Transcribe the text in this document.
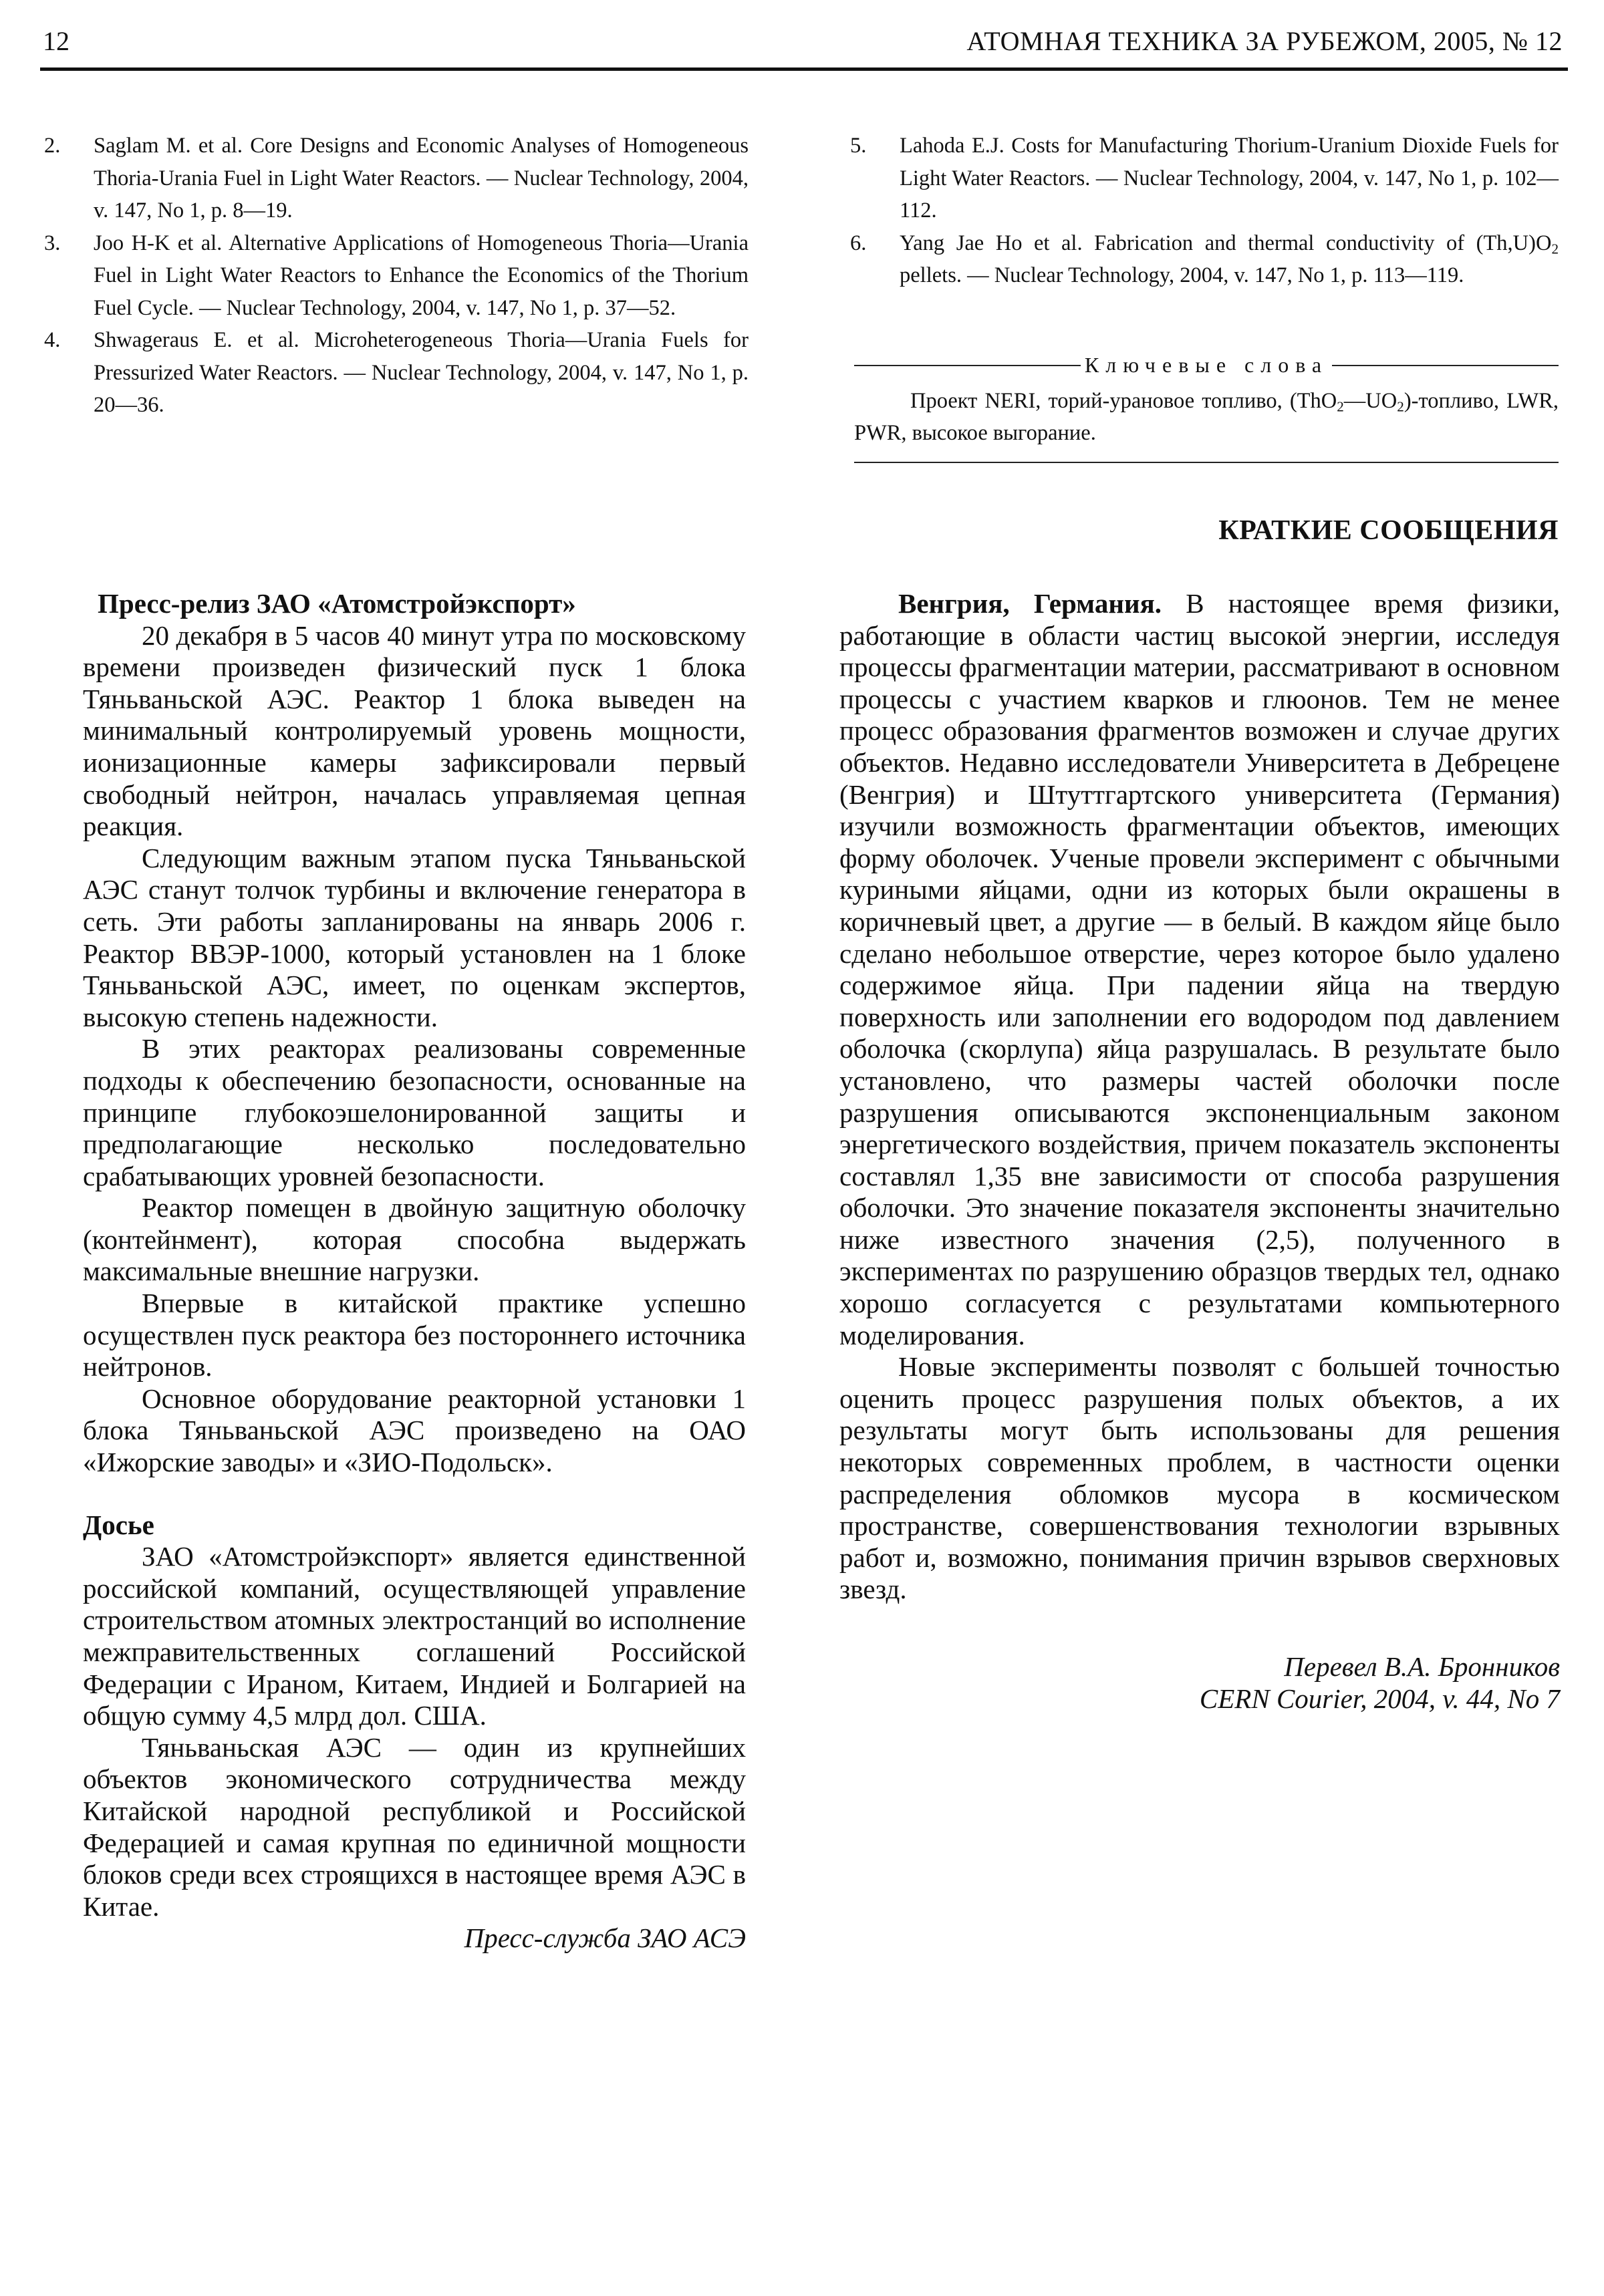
12	АТОМНАЯ ТЕХНИКА ЗА РУБЕЖОМ, 2005, № 12
2.	Saglam M. et al. Core Designs and Economic Analyses of Homogeneous Thoria-Urania Fuel in Light Water Reactors. — Nuclear Technology, 2004, v. 147, No 1, p. 8—19.
3.	Joo H-K et al. Alternative Applications of Homogeneous Thoria—Urania Fuel in Light Water Reactors to Enhance the Economics of the Thorium Fuel Cycle. — Nuclear Technology, 2004, v. 147, No 1, p. 37—52.
4.	Shwageraus E. et al. Microheterogeneous Thoria—Urania Fuels for Pressurized Water Reactors. — Nuclear Technology, 2004, v. 147, No 1, p. 20—36.
5.	Lahoda E.J. Costs for Manufacturing Thorium-Uranium Dioxide Fuels for Light Water Reactors. — Nuclear Technology, 2004, v. 147, No 1, p. 102—112.
6.	Yang Jae Ho et al. Fabrication and thermal conductivity of $(Th,U)O_2$ pellets. — Nuclear Technology, 2004, v. 147, No 1, p. 113—119.
Ключевые слова
Проект NERI, торий-урановое топливо, $(ThO_2—UO_2)$-топливо, LWR, PWR, высокое выгорание.
КРАТКИЕ СООБЩЕНИЯ
Пресс-релиз ЗАО «Атомстройэкспорт»

20 декабря в 5 часов 40 минут утра по московскому времени произведен физический пуск 1 блока Тяньваньской АЭС. Реактор 1 блока выведен на минимальный контролируемый уровень мощности, ионизационные камеры зафиксировали первый свободный нейтрон, началась управляемая цепная реакция.

Следующим важным этапом пуска Тяньваньской АЭС станут толчок турбины и включение генератора в сеть. Эти работы запланированы на январь 2006 г. Реактор ВВЭР-1000, который установлен на 1 блоке Тяньваньской АЭС, имеет, по оценкам экспертов, высокую степень надежности.

В этих реакторах реализованы современные подходы к обеспечению безопасности, основанные на принципе глубокоэшелонированной защиты и предполагающие несколько последовательно срабатывающих уровней безопасности.

Реактор помещен в двойную защитную оболочку (контейнмент), которая способна выдержать максимальные внешние нагрузки.

Впервые в китайской практике успешно осуществлен пуск реактора без постороннего источника нейтронов.

Основное оборудование реакторной установки 1 блока Тяньваньской АЭС произведено на ОАО «Ижорские заводы» и «ЗИО-Подольск».

Досье

ЗАО «Атомстройэкспорт» является единственной российской компаний, осуществляющей управление строительством атомных электростанций во исполнение межправительственных соглашений Российской Федерации с Ираном, Китаем, Индией и Болгарией на общую сумму 4,5 млрд дол. США.

Тяньваньская АЭС — один из крупнейших объектов экономического сотрудничества между Китайской народной республикой и Российской Федерацией и самая крупная по единичной мощности блоков среди всех строящихся в настоящее время АЭС в Китае.

Пресс-служба ЗАО АСЭ

Венгрия, Германия. В настоящее время физики, работающие в области частиц высокой энергии, исследуя процессы фрагментации материи, рассматривают в основном процессы с участием кварков и глюонов. Тем не менее процесс образования фрагментов возможен и случае других объектов. Недавно исследователи Университета в Дебрецене (Венгрия) и Штуттгартского университета (Германия) изучили возможность фрагментации объектов, имеющих форму оболочек. Ученые провели эксперимент с обычными куриными яйцами, одни из которых были окрашены в коричневый цвет, а другие — в белый. В каждом яйце было сделано небольшое отверстие, через которое было удалено содержимое яйца. При падении яйца на твердую поверхность или заполнении его водородом под давлением оболочка (скорлупа) яйца разрушалась. В результате было установлено, что размеры частей оболочки после разрушения описываются экспоненциальным законом энергетического воздействия, причем показатель экспоненты составлял 1,35 вне зависимости от способа разрушения оболочки. Это значение показателя экспоненты значительно ниже известного значения (2,5), полученного в экспериментах по разрушению образцов твердых тел, однако хорошо согласуется с результатами компьютерного моделирования.

Новые эксперименты позволят с большей точностью оценить процесс разрушения полых объектов, а их результаты могут быть использованы для решения некоторых современных проблем, в частности оценки распределения обломков мусора в космическом пространстве, совершенствования технологии взрывных работ и, возможно, понимания причин взрывов сверхновых звезд.

Перевел В.А. Бронников

CERN Courier, 2004, v. 44, No 7
